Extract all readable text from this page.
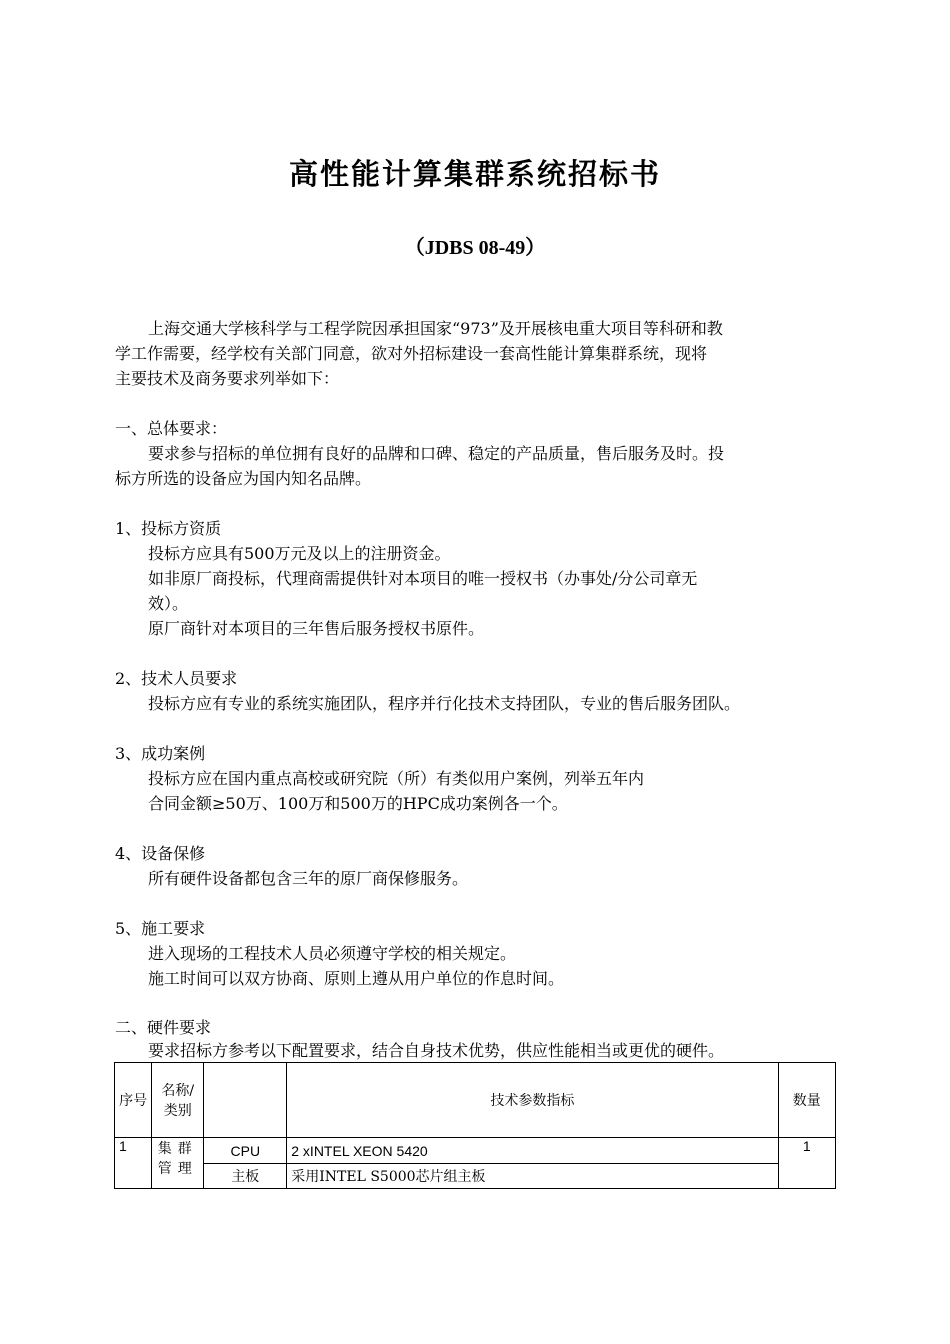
高性能计算集群系统招标书
（JDBS 08-49）
上海交通大学核科学与工程学院因承担国家“973”及开展核电重大项目等科研和教
学工作需要，经学校有关部门同意，欲对外招标建设一套高性能计算集群系统，现将
主要技术及商务要求列举如下：
一、总体要求：
要求参与招标的单位拥有良好的品牌和口碑、稳定的产品质量，售后服务及时。投
标方所选的设备应为国内知名品牌。
1、投标方资质
投标方应具有500万元及以上的注册资金。
如非原厂商投标，代理商需提供针对本项目的唯一授权书（办事处/分公司章无
效）。
原厂商针对本项目的三年售后服务授权书原件。
2、技术人员要求
投标方应有专业的系统实施团队，程序并行化技术支持团队，专业的售后服务团队。
3、成功案例
投标方应在国内重点高校或研究院（所）有类似用户案例，列举五年内
合同金额≥50万、100万和500万的HPC成功案例各一个。
4、设备保修
所有硬件设备都包含三年的原厂商保修服务。
5、施工要求
进入现场的工程技术人员必须遵守学校的相关规定。
施工时间可以双方协商、原则上遵从用户单位的作息时间。
二、硬件要求
要求招标方参考以下配置要求，结合自身技术优势，供应性能相当或更优的硬件。
序号	名称/类别		技术参数指标	数量
1	集群管理	CPU	2 xINTEL XEON 5420	1
		主板	采用INTEL S5000芯片组主板	
